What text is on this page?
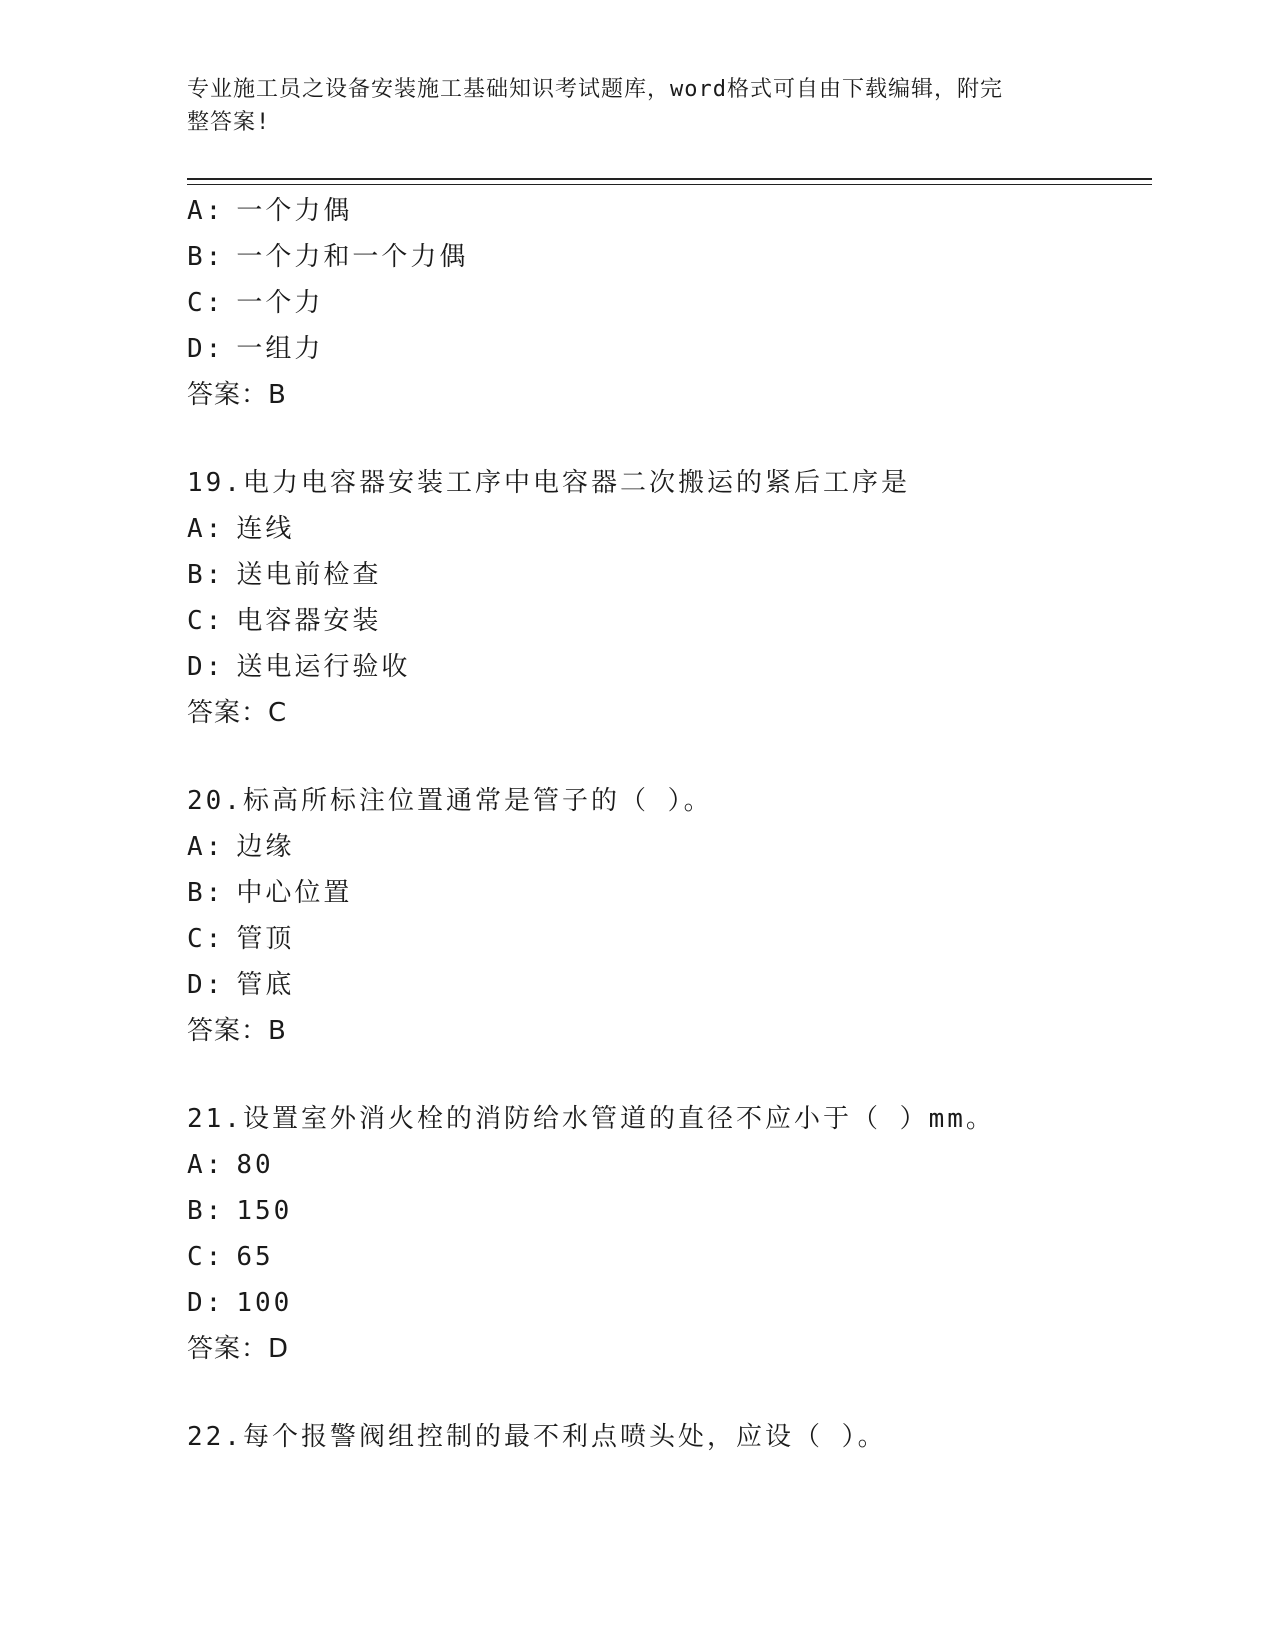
专业施工员之设备安装施工基础知识考试题库，word格式可自由下载编辑，附完
整答案!
A: 一个力偶
B: 一个力和一个力偶
C: 一个力
D: 一组力
答案：B
19.电力电容器安装工序中电容器二次搬运的紧后工序是
A: 连线
B: 送电前检查
C: 电容器安装
D: 送电运行验收
答案：C
20.标高所标注位置通常是管子的（ ）。
A: 边缘
B: 中心位置
C: 管顶
D: 管底
答案：B
21.设置室外消火栓的消防给水管道的直径不应小于（ ）mm。
A: 80
B: 150
C: 65
D: 100
答案：D
22.每个报警阀组控制的最不利点喷头处，应设（ ）。
